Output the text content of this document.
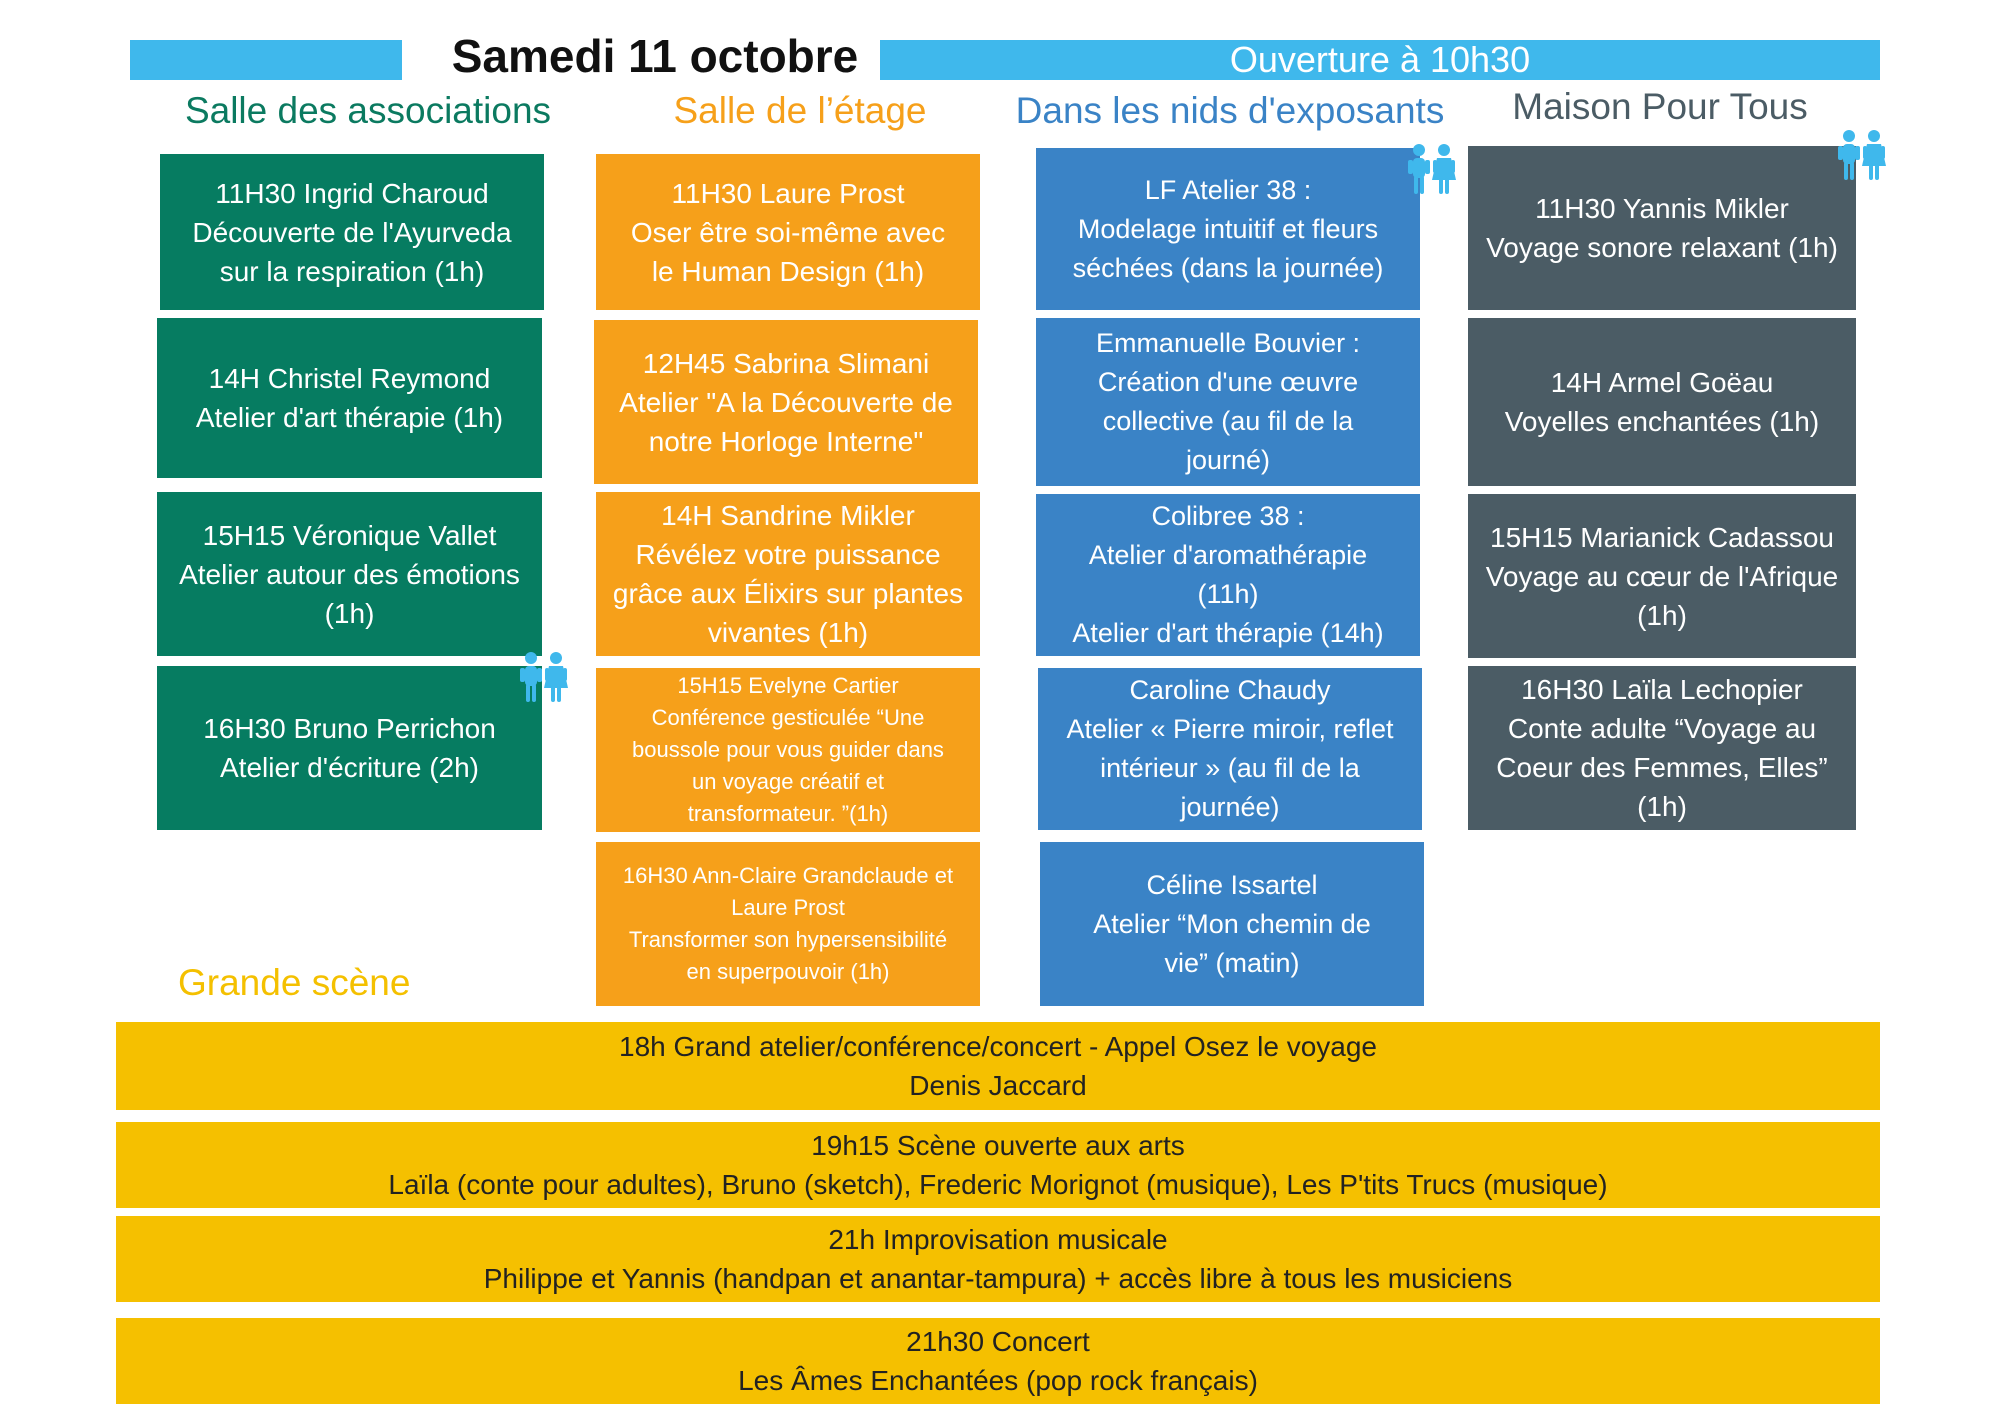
Samedi 11 octobre	Ouverture à 10h30
Salle des associations	Salle de l’étage	Dans les nids d'exposants	Maison Pour Tous
11H30 Ingrid Charoud
Découverte de l'Ayurveda
sur la respiration (1h)
14H Christel Reymond
Atelier d'art thérapie (1h)
15H15 Véronique Vallet
Atelier autour des émotions
(1h)
16H30 Bruno Perrichon
Atelier d'écriture (2h)
11H30 Laure Prost
Oser être soi-même avec
le Human Design (1h)
12H45 Sabrina Slimani
Atelier "A la Découverte de
notre Horloge Interne"
14H Sandrine Mikler
Révélez votre puissance
grâce aux Élixirs sur plantes
vivantes (1h)
15H15 Evelyne Cartier
Conférence gesticulée “Une
boussole pour vous guider dans
un voyage créatif et
transformateur. ”(1h)
16H30 Ann-Claire Grandclaude et
Laure Prost
Transformer son hypersensibilité
en superpouvoir (1h)
LF Atelier 38 :
Modelage intuitif et fleurs
séchées (dans la journée)
Emmanuelle Bouvier :
Création d'une œuvre
collective (au fil de la
journé)
Colibree 38 :
Atelier d'aromathérapie
(11h)
Atelier d'art thérapie (14h)
Caroline Chaudy
Atelier « Pierre miroir, reflet
intérieur » (au fil de la
journée)
Céline Issartel
Atelier “Mon chemin de
vie” (matin)
11H30 Yannis Mikler
Voyage sonore relaxant (1h)
14H Armel Goëau
Voyelles enchantées (1h)
15H15 Marianick Cadassou
Voyage au cœur de l'Afrique
(1h)
16H30 Laïla Lechopier
Conte adulte “Voyage au
Coeur des Femmes, Elles”
(1h)
Grande scène
18h Grand atelier/conférence/concert - Appel Osez le voyage
Denis Jaccard
19h15 Scène ouverte aux arts
Laïla (conte pour adultes), Bruno (sketch), Frederic Morignot (musique), Les P'tits Trucs (musique)
21h Improvisation musicale
Philippe et Yannis (handpan et anantar-tampura) + accès libre à tous les musiciens
21h30 Concert
Les Âmes Enchantées (pop rock français)
